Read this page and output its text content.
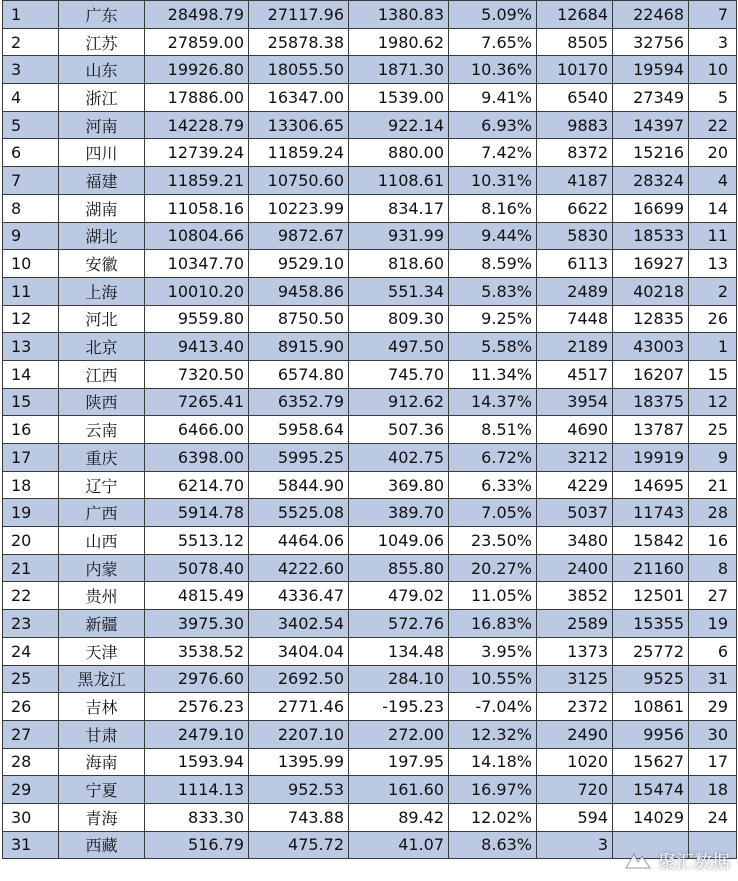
1	广东	28498.79	27117.96	1380.83	5.09%	12684	22468	7
2	江苏	27859.00	25878.38	1980.62	7.65%	8505	32756	3
3	山东	19926.80	18055.50	1871.30	10.36%	10170	19594	10
4	浙江	17886.00	16347.00	1539.00	9.41%	6540	27349	5
5	河南	14228.79	13306.65	922.14	6.93%	9883	14397	22
6	四川	12739.24	11859.24	880.00	7.42%	8372	15216	20
7	福建	11859.21	10750.60	1108.61	10.31%	4187	28324	4
8	湖南	11058.16	10223.99	834.17	8.16%	6622	16699	14
9	湖北	10804.66	9872.67	931.99	9.44%	5830	18533	11
10	安徽	10347.70	9529.10	818.60	8.59%	6113	16927	13
11	上海	10010.20	9458.86	551.34	5.83%	2489	40218	2
12	河北	9559.80	8750.50	809.30	9.25%	7448	12835	26
13	北京	9413.40	8915.90	497.50	5.58%	2189	43003	1
14	江西	7320.50	6574.80	745.70	11.34%	4517	16207	15
15	陕西	7265.41	6352.79	912.62	14.37%	3954	18375	12
16	云南	6466.00	5958.64	507.36	8.51%	4690	13787	25
17	重庆	6398.00	5995.25	402.75	6.72%	3212	19919	9
18	辽宁	6214.70	5844.90	369.80	6.33%	4229	14695	21
19	广西	5914.78	5525.08	389.70	7.05%	5037	11743	28
20	山西	5513.12	4464.06	1049.06	23.50%	3480	15842	16
21	内蒙	5078.40	4222.60	855.80	20.27%	2400	21160	8
22	贵州	4815.49	4336.47	479.02	11.05%	3852	12501	27
23	新疆	3975.30	3402.54	572.76	16.83%	2589	15355	19
24	天津	3538.52	3404.04	134.48	3.95%	1373	25772	6
25	黑龙江	2976.60	2692.50	284.10	10.55%	3125	9525	31
26	吉林	2576.23	2771.46	-195.23	-7.04%	2372	10861	29
27	甘肃	2479.10	2207.10	272.00	12.32%	2490	9956	30
28	海南	1593.94	1395.99	197.95	14.18%	1020	15627	17
29	宁夏	1114.13	952.53	161.60	16.97%	720	15474	18
30	青海	833.30	743.88	89.42	12.02%	594	14029	24
31	西藏	516.79	475.72	41.07	8.63%	3		
聚汇数据
